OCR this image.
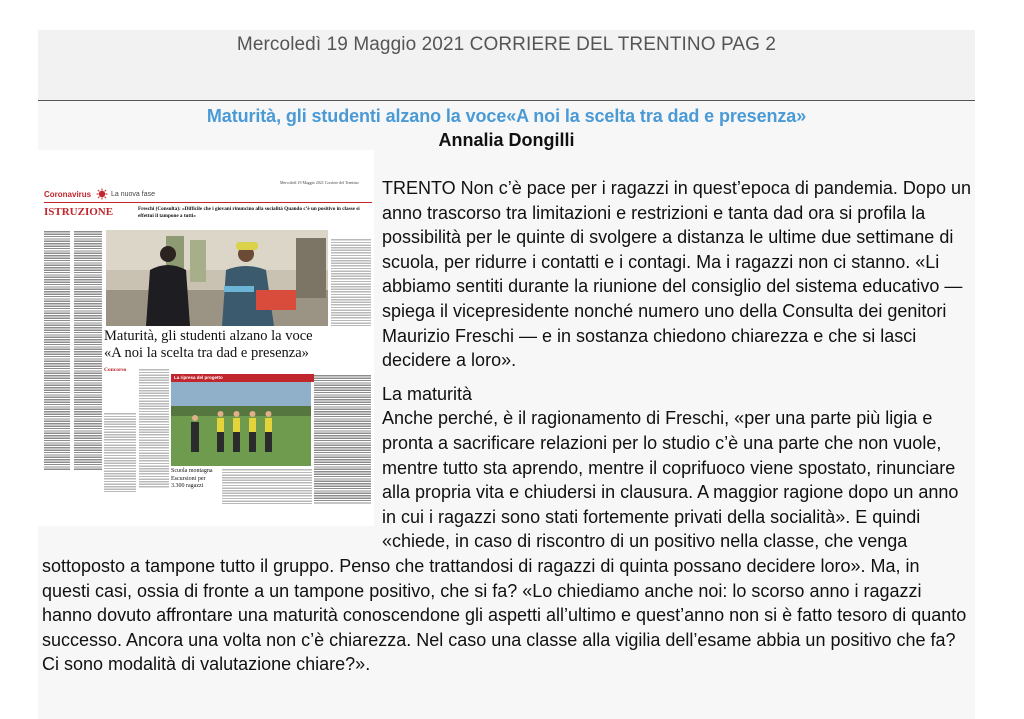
Mercoledì 19 Maggio 2021 CORRIERE DEL TRENTINO PAG 2
Maturità, gli studenti alzano la voce«A noi la scelta tra dad e presenza»
Annalia Dongilli
Mercoledì 19 Maggio 2021 Corriere del Trentino
Coronavirus	La nuova fase
ISTRUZIONE	Freschi (Consulta): «Difficile che i giovani rinuncino alla socialità Quando c’è un positivo in classe si effettui il tampone a tutti»
Maturità, gli studenti alzano la voce
«A noi la scelta tra dad e presenza»
Concorso
La ripresa del progetto
Scuola montagna Escursioni per 3.300 ragazzi

TRENTO Non c’è pace per i ragazzi in quest’epoca di pandemia. Dopo un anno trascorso tra limitazioni e restrizioni e tanta dad ora si profila la possibilità per le quinte di svolgere a distanza le ultime due settimane di scuola, per ridurre i contatti e i contagi. Ma i ragazzi non ci stanno. «Li abbiamo sentiti durante la riunione del consiglio del sistema educativo — spiega il vicepresidente nonché numero uno della Consulta dei genitori Maurizio Freschi — e in sostanza chiedono chiarezza e che si lasci decidere a loro».

La maturità

Anche perché, è il ragionamento di Freschi, «per una parte più ligia e pronta a sacrificare relazioni per lo studio c’è una parte che non vuole, mentre tutto sta aprendo, mentre il coprifuoco viene spostato, rinunciare alla propria vita e chiudersi in clausura. A maggior ragione dopo un anno in cui i ragazzi sono stati fortemente privati della socialità». E quindi «chiede, in caso di riscontro di un positivo nella classe, che venga sottoposto a tampone tutto il gruppo. Penso che trattandosi di ragazzi di quinta possano decidere loro». Ma, in questi casi, ossia di fronte a un tampone positivo, che si fa? «Lo chiediamo anche noi: lo scorso anno i ragazzi hanno dovuto affrontare una maturità conoscendone gli aspetti all’ultimo e quest’anno non si è fatto tesoro di quanto successo. Ancora una volta non c’è chiarezza. Nel caso una classe alla vigilia dell’esame abbia un positivo che fa? Ci sono modalità di valutazione chiare?».
